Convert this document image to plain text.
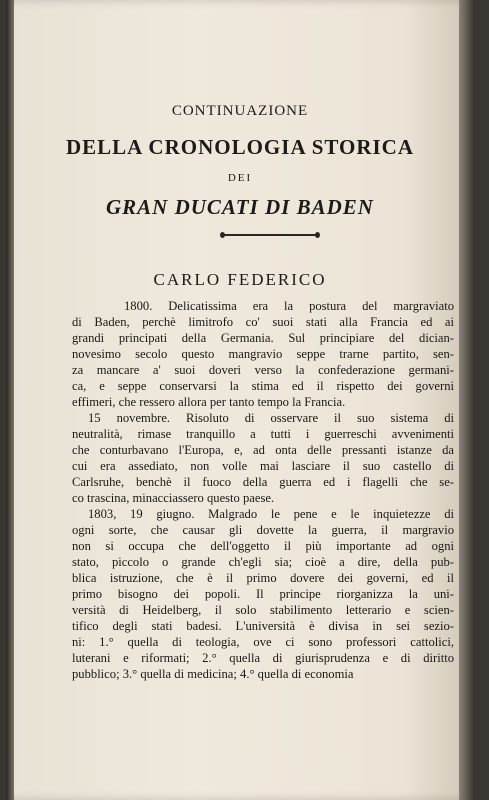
CONTINUAZIONE
DELLA CRONOLOGIA STORICA
DEI
GRAN DUCATI DI BADEN
CARLO FEDERICO
1800. Delicatissima era la postura del margraviato
di Baden, perchè limitrofo co' suoi stati alla Francia ed ai
grandi principati della Germania. Sul principiare del dician-
novesimo secolo questo mangravio seppe trarne partito, sen-
za mancare a' suoi doveri verso la confederazione germani-
ca, e seppe conservarsi la stima ed il rispetto dei governi
effimeri, che ressero allora per tanto tempo la Francia.
15 novembre. Risoluto di osservare il suo sistema di
neutralità, rimase tranquillo a tutti i guerreschi avvenimenti
che conturbavano l'Europa, e, ad onta delle pressanti istanze da
cui era assediato, non volle mai lasciare il suo castello di
Carlsruhe, benchè il fuoco della guerra ed i flagelli che se-
co trascina, minacciassero questo paese.
1803, 19 giugno. Malgrado le pene e le inquietezze di
ogni sorte, che causar gli dovette la guerra, il margravio
non si occupa che dell'oggetto il più importante ad ogni
stato, piccolo o grande ch'egli sia; cioè a dire, della pub-
blica istruzione, che è il primo dovere dei governi, ed il
primo bisogno dei popoli. Il principe riorganizza la uni-
versità di Heidelberg, il solo stabilimento letterario e scien-
tifico degli stati badesi. L'università è divisa in sei sezio-
ni: 1.° quella di teologia, ove ci sono professori cattolici,
luterani e riformati; 2.° quella di giurisprudenza e di diritto
pubblico; 3.° quella di medicina; 4.° quella di economia
